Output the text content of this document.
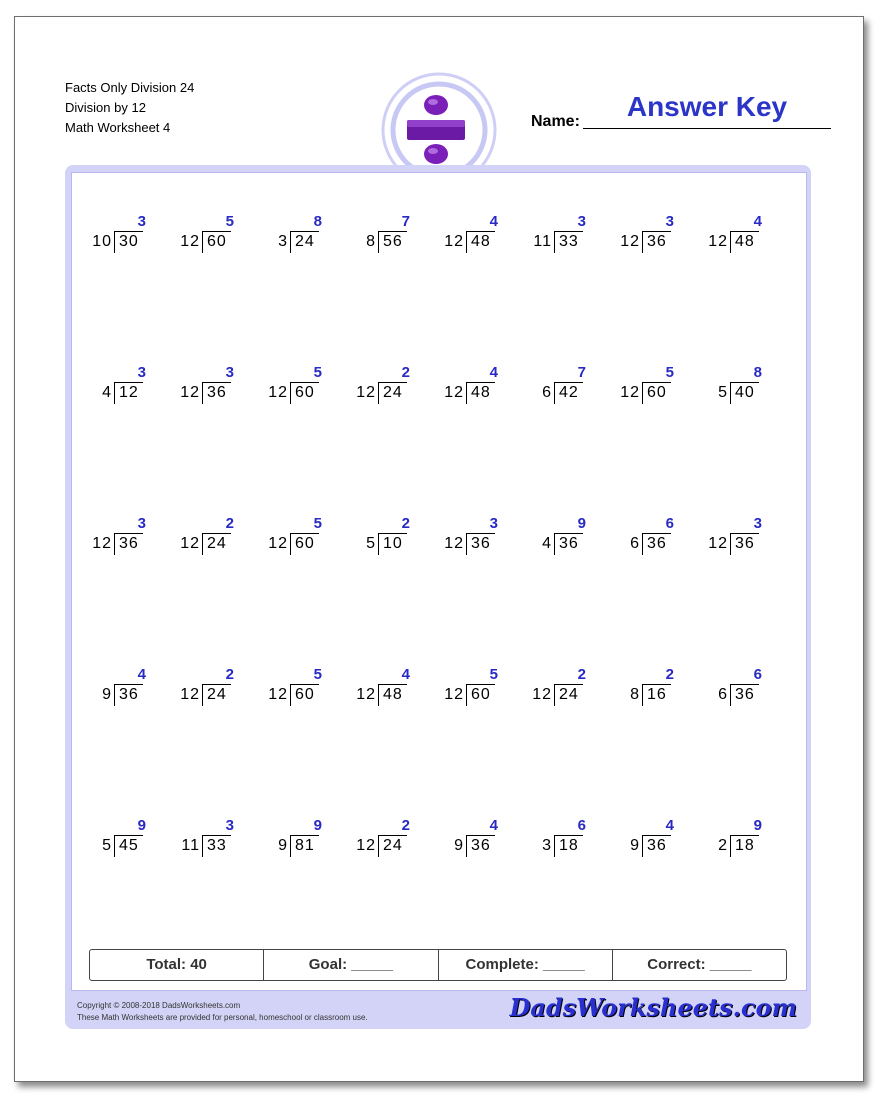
Facts Only Division 24
Division by 12
Math Worksheet 4	Name:	Answer Key
3
10 30
5
12 60
8
3 24
7
8 56
4
12 48
3
11 33
3
12 36
4
12 48
3
4 12
3
12 36
5
12 60
2
12 24
4
12 48
7
6 42
5
12 60
8
5 40
3
12 36
2
12 24
5
12 60
2
5 10
3
12 36
9
4 36
6
6 36
3
12 36
4
9 36
2
12 24
5
12 60
4
12 48
5
12 60
2
12 24
2
8 16
6
6 36
9
5 45
3
11 33
9
9 81
2
12 24
4
9 36
6
3 18
4
9 36
9
2 18
Total: 40	Goal: _____	Complete: _____	Correct: _____
Copyright © 2008-2018 DadsWorksheets.com
These Math Worksheets are provided for personal, homeschool or classroom use.	DadsWorksheets.com
